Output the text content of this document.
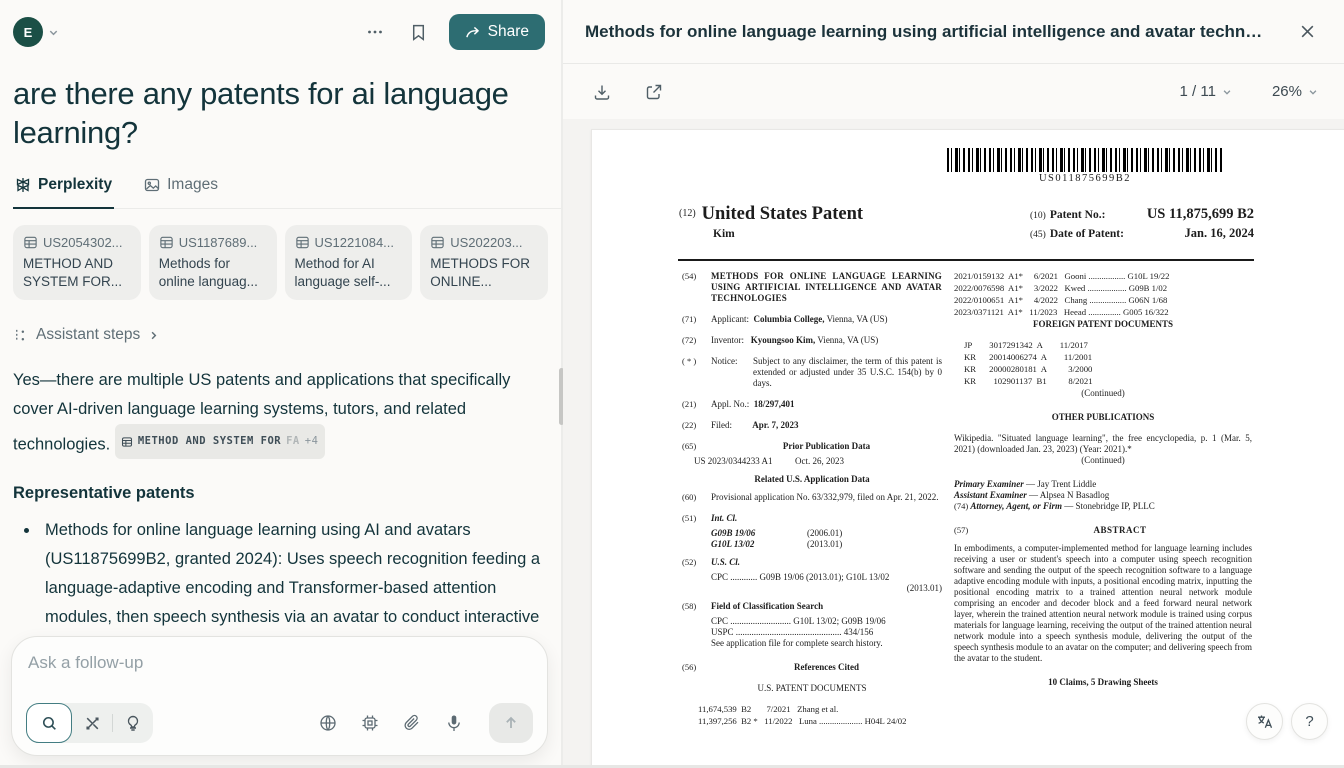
E	Share
are there any patents for ai language learning?
Perplexity	Images
US2054302...
METHOD AND SYSTEM FOR...
US1187689...
Methods for online languag...
US1221084...
Method for AI language self-...
US202203...
METHODS FOR ONLINE...
Assistant steps

Yes—there are multiple US patents and applications that specifically cover AI-driven language learning systems, tutors, and related technologies.	METHOD AND SYSTEM FOR FA +4

Representative patents
Methods for online language learning using AI and avatars (US11875699B2, granted 2024): Uses speech recognition feeding a language-adaptive encoding and Transformer-based attention modules, then speech synthesis via an avatar to conduct interactive
Ask a follow-up
Methods for online language learning using artificial intelligence and avatar techn…
1 / 11	26%
US011875699B2
(12) United States Patent
Kim
(10) Patent No.:	US 11,875,699 B2
(45) Date of Patent:	Jan. 16, 2024
(54)	METHODS FOR ONLINE LANGUAGE LEARNING USING ARTIFICIAL INTELLIGENCE AND AVATAR TECHNOLOGIES
(71)	Applicant: Columbia College, Vienna, VA (US)
(72)	Inventor: Kyoungsoo Kim, Vienna, VA (US)
( * )	Notice:	Subject to any disclaimer, the term of this patent is extended or adjusted under 35 U.S.C. 154(b) by 0 days.
(21)	Appl. No.: 18/297,401
(22)	Filed: Apr. 7, 2023
(65)	Prior Publication Data
US 2023/0344233 A1          Oct. 26, 2023
Related U.S. Application Data
(60)	Provisional application No. 63/332,979, filed on Apr. 21, 2022.
(51)	Int. Cl.
G09B 19/06	(2006.01)
G10L 13/02	(2013.01)
(52)	U.S. Cl.
CPC ............ G09B 19/06 (2013.01); G10L 13/02
(2013.01)
(58)	Field of Classification Search
CPC ........................... G10L 13/02; G09B 19/06
USPC ............................................... 434/156
See application file for complete search history.
(56)	References Cited
U.S. PATENT DOCUMENTS
11,674,539  B2       7/2021   Zhang et al.
11,397,256  B2 *   11/2022   Luna .................... H04L 24/02
2021/0159132  A1*     6/2021   Gooni ................. G10L 19/22
2022/0076598  A1*     3/2022   Kwed .................. G09B 1/02
2022/0100651  A1*     4/2022   Chang ................. G06N 1/68
2023/0371121  A1*   11/2023   Heead ............... G005 16/322
FOREIGN PATENT DOCUMENTS
JP        3017291342  A        11/2017
KR      20014006274  A        11/2001
KR      20000280181  A          3/2000
KR        102901137  B1          8/2021
(Continued)
OTHER PUBLICATIONS
Wikipedia. "Situated language learning", the free encyclopedia, p. 1 (Mar. 5, 2021) (downloaded Jan. 23, 2023) (Year: 2021).*
(Continued)
Primary Examiner — Jay Trent Liddle
Assistant Examiner — Alpsea N Basadlog
(74) Attorney, Agent, or Firm — Stonebridge IP, PLLC
(57)	ABSTRACT
In embodiments, a computer-implemented method for language learning includes receiving a user or student's speech into a computer using speech recognition software and sending the output of the speech recognition software to a language adaptive encoding module with inputs, a positional encoding matrix, inputting the positional encoding matrix to a trained attention neural network module comprising an encoder and decoder block and a feed forward neural network layer, wherein the trained attention neural network module is trained using corpus materials for language learning, receiving the output of the trained attention neural network module into a speech synthesis module, delivering the output of the speech synthesis module to an avatar on the computer; and delivering speech from the avatar to the student.
10 Claims, 5 Drawing Sheets
?
